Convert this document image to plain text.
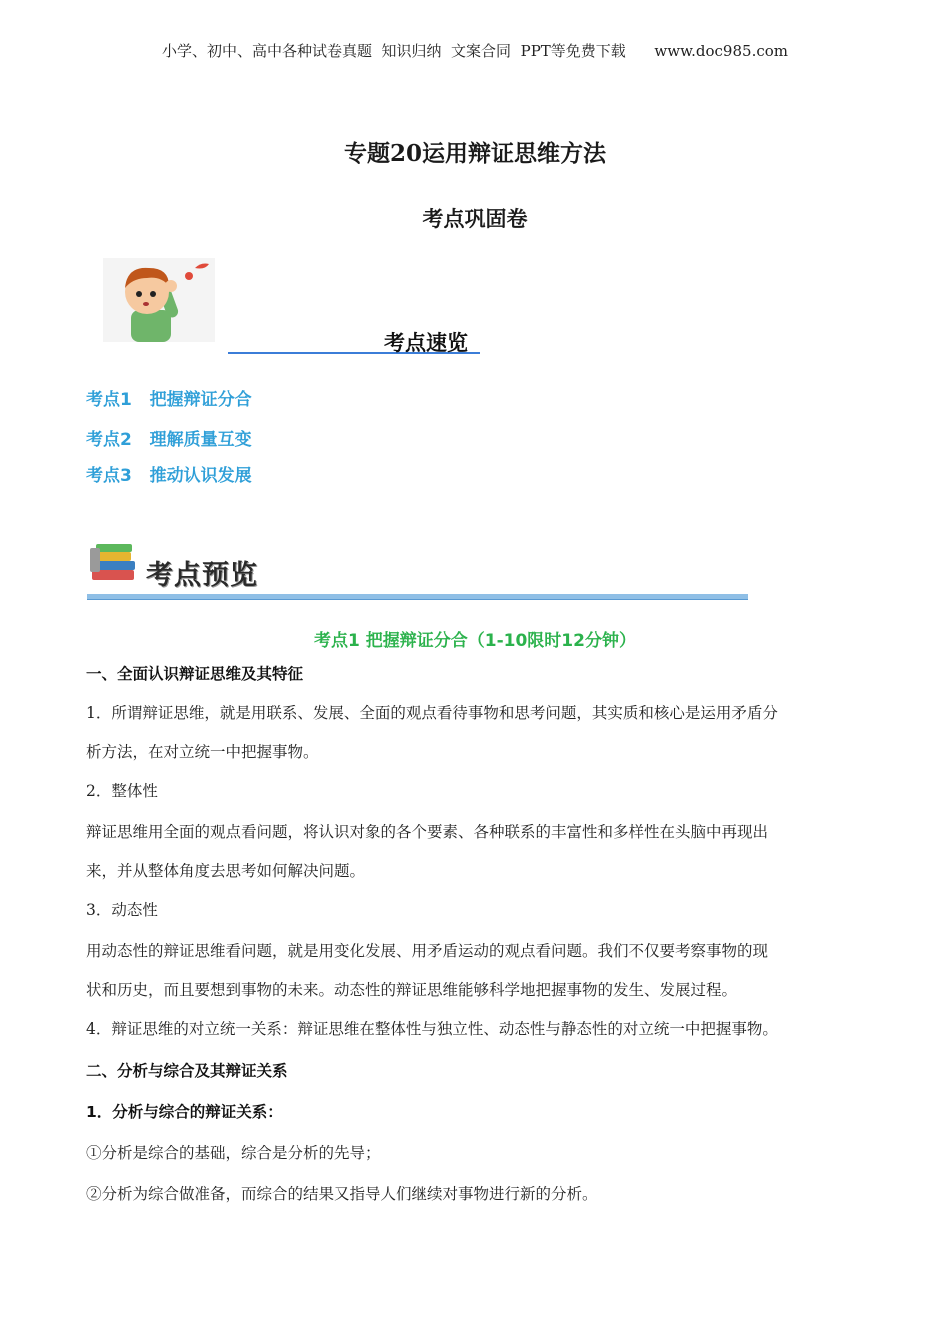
小学、初中、高中各种试卷真题  知识归纳  文案合同  PPT等免费下载      www.doc985.com
专题20运用辩证思维方法
考点巩固卷
考点速览
考点1   把握辩证分合
考点2   理解质量互变
考点3   推动认识发展
考点预览
考点1 把握辩证分合（1-10限时12分钟）
一、全面认识辩证思维及其特征
1．所谓辩证思维，就是用联系、发展、全面的观点看待事物和思考问题，其实质和核心是运用矛盾分
析方法，在对立统一中把握事物。
2．整体性
辩证思维用全面的观点看问题，将认识对象的各个要素、各种联系的丰富性和多样性在头脑中再现出
来，并从整体角度去思考如何解决问题。
3．动态性
用动态性的辩证思维看问题，就是用变化发展、用矛盾运动的观点看问题。我们不仅要考察事物的现
状和历史，而且要想到事物的未来。动态性的辩证思维能够科学地把握事物的发生、发展过程。
4．辩证思维的对立统一关系：辩证思维在整体性与独立性、动态性与静态性的对立统一中把握事物。
二、分析与综合及其辩证关系
1．分析与综合的辩证关系：
①分析是综合的基础，综合是分析的先导；
②分析为综合做准备，而综合的结果又指导人们继续对事物进行新的分析。
